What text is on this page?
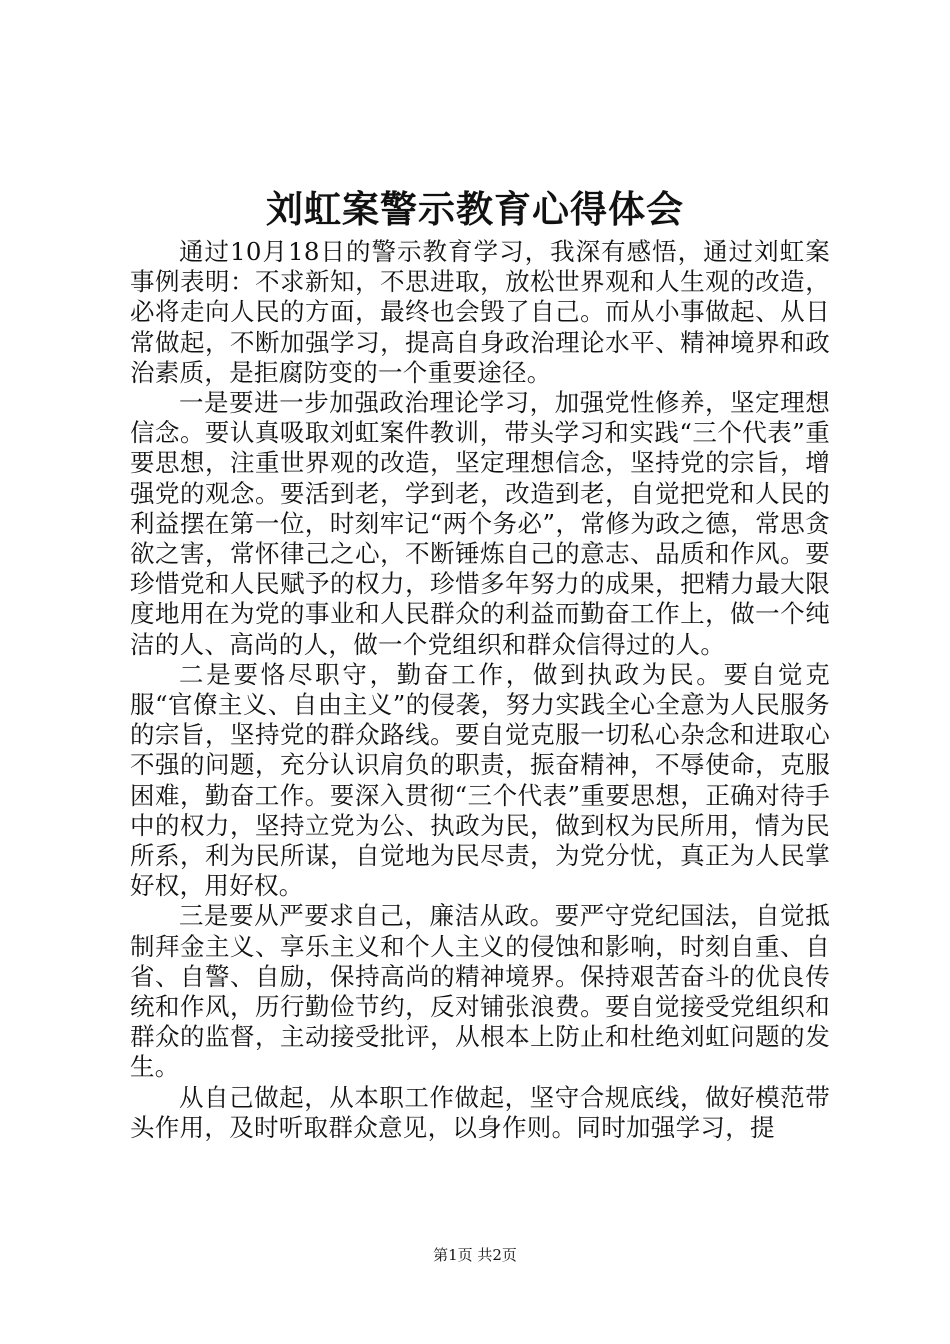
刘虹案警示教育心得体会

通过10月18日的警示教育学习，我深有感悟，通过刘虹案事例表明：不求新知，不思进取，放松世界观和人生观的改造，必将走向人民的方面，最终也会毁了自己。而从小事做起、从日常做起，不断加强学习，提高自身政治理论水平、精神境界和政治素质，是拒腐防变的一个重要途径。

一是要进一步加强政治理论学习，加强党性修养，坚定理想信念。要认真吸取刘虹案件教训，带头学习和实践“三个代表”重要思想，注重世界观的改造，坚定理想信念，坚持党的宗旨，增强党的观念。要活到老，学到老，改造到老，自觉把党和人民的利益摆在第一位，时刻牢记“两个务必”，常修为政之德，常思贪欲之害，常怀律己之心，不断锤炼自己的意志、品质和作风。要珍惜党和人民赋予的权力，珍惜多年努力的成果，把精力最大限度地用在为党的事业和人民群众的利益而勤奋工作上，做一个纯洁的人、高尚的人，做一个党组织和群众信得过的人。

二是要恪尽职守，勤奋工作，做到执政为民。要自觉克服“官僚主义、自由主义”的侵袭，努力实践全心全意为人民服务的宗旨，坚持党的群众路线。要自觉克服一切私心杂念和进取心不强的问题，充分认识肩负的职责，振奋精神，不辱使命，克服困难，勤奋工作。要深入贯彻“三个代表”重要思想，正确对待手中的权力，坚持立党为公、执政为民，做到权为民所用，情为民所系，利为民所谋，自觉地为民尽责，为党分忧，真正为人民掌好权，用好权。

三是要从严要求自己，廉洁从政。要严守党纪国法，自觉抵制拜金主义、享乐主义和个人主义的侵蚀和影响，时刻自重、自省、自警、自励，保持高尚的精神境界。保持艰苦奋斗的优良传统和作风，历行勤俭节约，反对铺张浪费。要自觉接受党组织和群众的监督，主动接受批评，从根本上防止和杜绝刘虹问题的发生。

从自己做起，从本职工作做起，坚守合规底线，做好模范带头作用，及时听取群众意见，以身作则。同时加强学习，提

第1页 共2页
